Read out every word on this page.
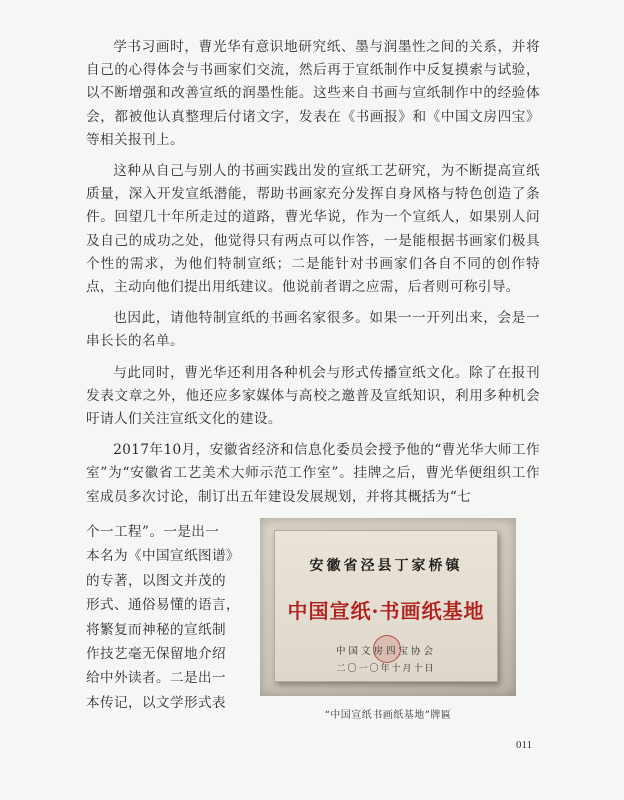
学书习画时，曹光华有意识地研究纸、墨与润墨性之间的关系，并将自己的心得体会与书画家们交流，然后再于宣纸制作中反复摸索与试验，以不断增强和改善宣纸的润墨性能。这些来自书画与宣纸制作中的经验体会，都被他认真整理后付诸文字，发表在《书画报》和《中国文房四宝》等相关报刊上。

这种从自己与别人的书画实践出发的宣纸工艺研究，为不断提高宣纸质量，深入开发宣纸潜能，帮助书画家充分发挥自身风格与特色创造了条件。回望几十年所走过的道路，曹光华说，作为一个宣纸人，如果别人问及自己的成功之处，他觉得只有两点可以作答，一是能根据书画家们极具个性的需求，为他们特制宣纸；二是能针对书画家们各自不同的创作特点，主动向他们提出用纸建议。他说前者谓之应需，后者则可称引导。

也因此，请他特制宣纸的书画名家很多。如果一一开列出来，会是一串长长的名单。

与此同时，曹光华还利用各种机会与形式传播宣纸文化。除了在报刊发表文章之外，他还应多家媒体与高校之邀普及宣纸知识，利用多种机会吁请人们关注宣纸文化的建设。

2017年10月，安徽省经济和信息化委员会授予他的“曹光华大师工作室”为“安徽省工艺美术大师示范工作室”。挂牌之后，曹光华便组织工作室成员多次讨论，制订出五年建设发展规划，并将其概括为“七

个一工程”。一是出一

本名为《中国宣纸图谱》

的专著，以图文并茂的

形式、通俗易懂的语言，

将繁复而神秘的宣纸制

作技艺毫无保留地介绍

给中外读者。二是出一

本传记，以文学形式表

安徽省泾县丁家桥镇
中国宣纸·书画纸基地
中国文房四宝协会
二〇一〇年十月十日
“中国宣纸书画纸基地”牌匾
011
